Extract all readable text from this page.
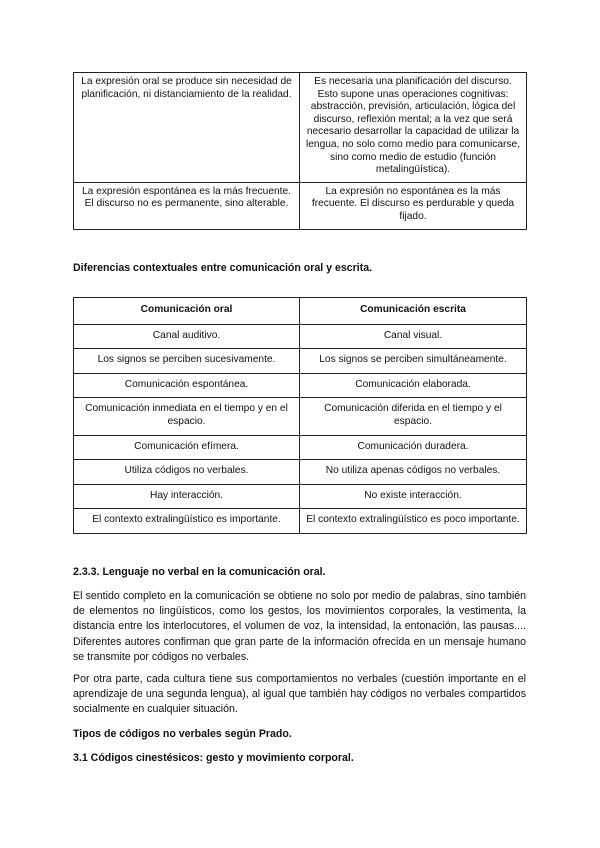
La expresión oral se produce sin necesidad de planificación, ni distanciamiento de la realidad.	Es necesaria una planificación del discurso. Esto supone unas operaciones cognitivas: abstracción, previsión, articulación, lógica del discurso, reflexión mental; a la vez que será necesario desarrollar la capacidad de utilizar la lengua, no solo como medio para comunicarse, sino como medio de estudio (función metalingüística).
La expresión espontánea es la más frecuente. El discurso no es permanente, sino alterable.	La expresión no espontánea es la más frecuente. El discurso es perdurable y queda fijado.
Diferencias contextuales entre comunicación oral y escrita.
Comunicación oral	Comunicación escrita
Canal auditivo.	Canal visual.
Los signos se perciben sucesivamente.	Los signos se perciben simultáneamente.
Comunicación espontánea.	Comunicación elaborada.
Comunicación inmediata en el tiempo y en el espacio.	Comunicación diferida en el tiempo y el espacio.
Comunicación efímera.	Comunicación duradera.
Utiliza códigos no verbales.	No utiliza apenas códigos no verbales.
Hay interacción.	No existe interacción.
El contexto extralingüístico es importante.	El contexto extralingüístico es poco importante.
2.3.3. Lenguaje no verbal en la comunicación oral.

El sentido completo en la comunicación se obtiene no solo por medio de palabras, sino también de elementos no lingüísticos, como los gestos, los movimientos corporales, la vestimenta, la distancia entre los interlocutores, el volumen de voz, la intensidad, la entonación, las pausas.... Diferentes autores confirman que gran parte de la información ofrecida en un mensaje humano se transmite por códigos no verbales.

Por otra parte, cada cultura tiene sus comportamientos no verbales (cuestión importante en el aprendizaje de una segunda lengua), al igual que también hay códigos no verbales compartidos socialmente en cualquier situación.

Tipos de códigos no verbales según Prado.
3.1 Códigos cinestésicos: gesto y movimiento corporal.
